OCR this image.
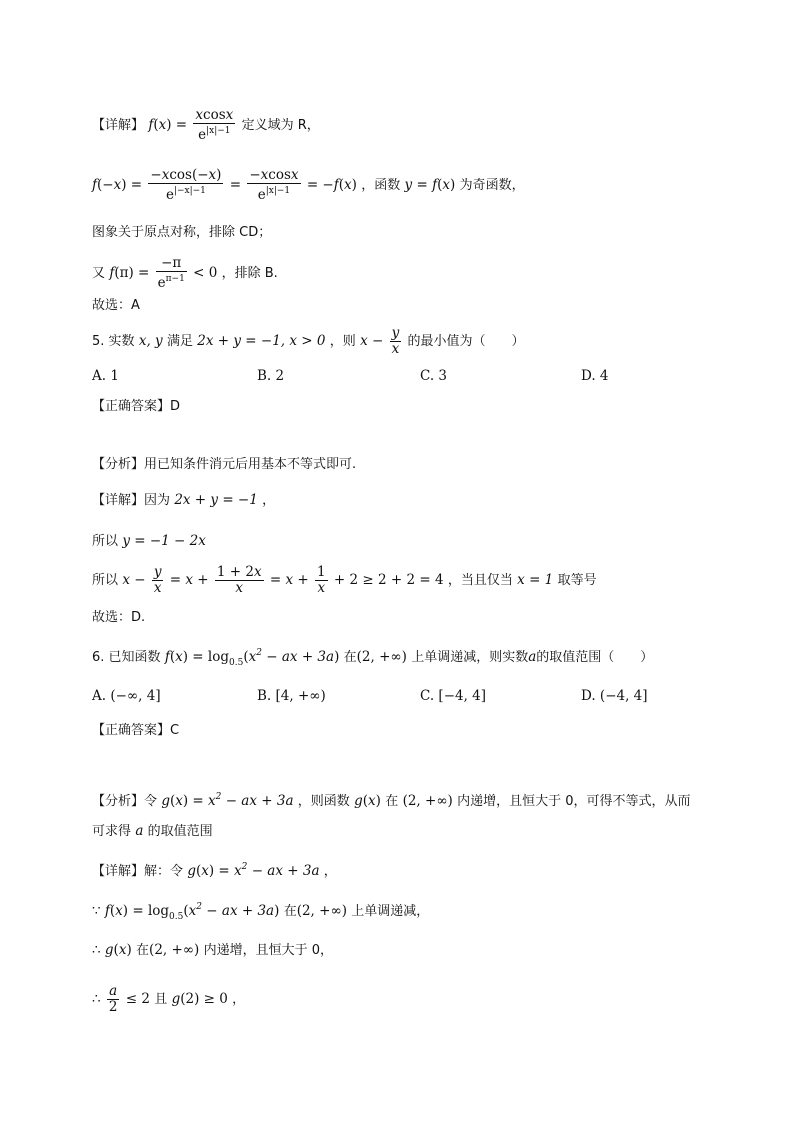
【详解】 $f(x) = \frac{xcosx}{e^{|x|-1}}$ 定义域为 R，
$f(-x) = \frac{-xcos(-x)}{e^{|-x|-1}} = \frac{-xcosx}{e^{|x|-1}} = -f(x)$ ，函数 y = f(x) 为奇函数，
图象关于原点对称，排除 CD；
又 $f(\pi) = \frac{-\pi}{e^{\pi-1}} < 0$ ，排除 B.
故选：A
5. 实数 x, y 满足 2x + y = −1, x > 0 ，则 $x - \frac{y}{x}$ 的最小值为（　　）
A. 1	B. 2	C. 3	D. 4
【正确答案】D
【分析】用已知条件消元后用基本不等式即可.
【详解】因为 2x + y = −1 ，
所以 y = −1 − 2x
所以 $x - \frac{y}{x} = x + \frac{1 + 2x}{x} = x + \frac{1}{x} + 2 \ge 2 + 2 = 4$ ，当且仅当 x = 1 取等号
故选：D.
6. 已知函数 $f(x) = \log_{0.5}(x^2$ − ax + 3a) 在(2, +∞) 上单调递减，则实数a的取值范围（　　）
A. (−∞, 4]	B. [4, +∞)	C. [−4, 4]	D. (−4, 4]
【正确答案】C
【分析】令 $g(x) = x^2$ − ax + 3a ，则函数 g(x) 在 (2, +∞) 内递增，且恒大于 0，可得不等式，从而
可求得 a 的取值范围
【详解】解：令 $g(x) = x^2$ − ax + 3a ，
∵ $f(x) = \log_{0.5}(x^2$ − ax + 3a) 在(2, +∞) 上单调递减，
∴ g(x) 在(2, +∞) 内递增，且恒大于 0，
∴ $\frac{a}{2} \le 2$ 且 g(2) ≥ 0 ，
